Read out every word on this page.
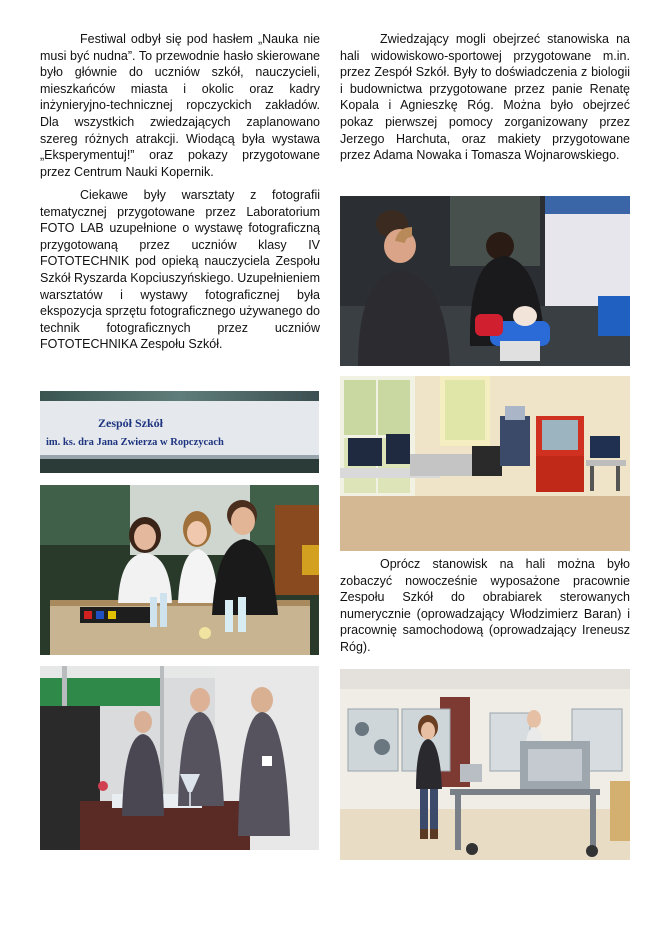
Festiwal odbył się pod hasłem „Nauka nie musi być nudna”. To przewodnie hasło skierowane było głównie do uczniów szkół, nauczycieli, mieszkańców miasta i okolic oraz kadry inżynieryjno-technicznej ropczyckich zakładów. Dla wszystkich zwiedzających zaplanowano szereg różnych atrakcji. Wiodącą była wystawa „Eksperymentuj!” oraz pokazy przygotowane przez Centrum Nauki Kopernik.

Ciekawe były warsztaty z fotografii tematycznej przygotowane przez Laboratorium FOTO LAB uzupełnione o wystawę fotograficzną przygotowaną przez uczniów klasy IV FOTOTECHNIK pod opieką nauczyciela Zespołu Szkół Ryszarda Kopciuszyńskiego. Uzupełnieniem warsztatów i wystawy fotograficznej była ekspozycja sprzętu fotograficznego używanego do technik fotograficznych przez uczniów FOTOTECHNIKA Zespołu Szkół.

Zwiedzający mogli obejrzeć stanowiska na hali widowiskowo-sportowej przygotowane m.in. przez Zespół Szkół. Były to doświadczenia z biologii i budownictwa przygotowane przez panie Renatę Kopala i Agnieszkę Róg. Można było obejrzeć pokaz pierwszej pomocy zorganizowany przez Jerzego Harchuta, oraz makiety przygotowane przez Adama Nowaka i Tomasza Wojnarowskiego.

Oprócz stanowisk na hali można było zobaczyć nowocześnie wyposażone pracownie Zespołu Szkół do obrabiarek sterowanych numerycznie (oprowadzający Włodzimierz Baran) i pracownię samochodową (oprowadzający Ireneusz Róg).

Zespół Szkół
im. ks. dra Jana Zwierza w Ropczycach
